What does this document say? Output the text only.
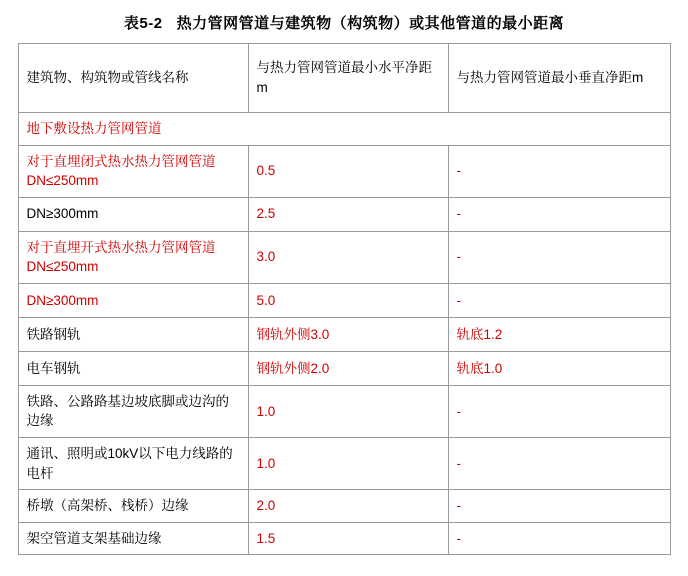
表5-2 热力管网管道与建筑物（构筑物）或其他管道的最小距离
建筑物、构筑物或管线名称	与热力管网管道最小水平净距m	与热力管网管道最小垂直净距m
地下敷设热力管网管道		
对于直埋闭式热水热力管网管道DN≤250mm	0.5	-
DN≥300mm	2.5	-
对于直埋开式热水热力管网管道DN≤250mm	3.0	-
DN≥300mm	5.0	-
铁路钢轨	钢轨外侧3.0	轨底1.2
电车钢轨	钢轨外侧2.0	轨底1.0
铁路、公路路基边坡底脚或边沟的边缘	1.0	-
通讯、照明或10kV以下电力线路的电杆	1.0	-
桥墩（高架桥、栈桥）边缘	2.0	-
架空管道支架基础边缘	1.5	-
